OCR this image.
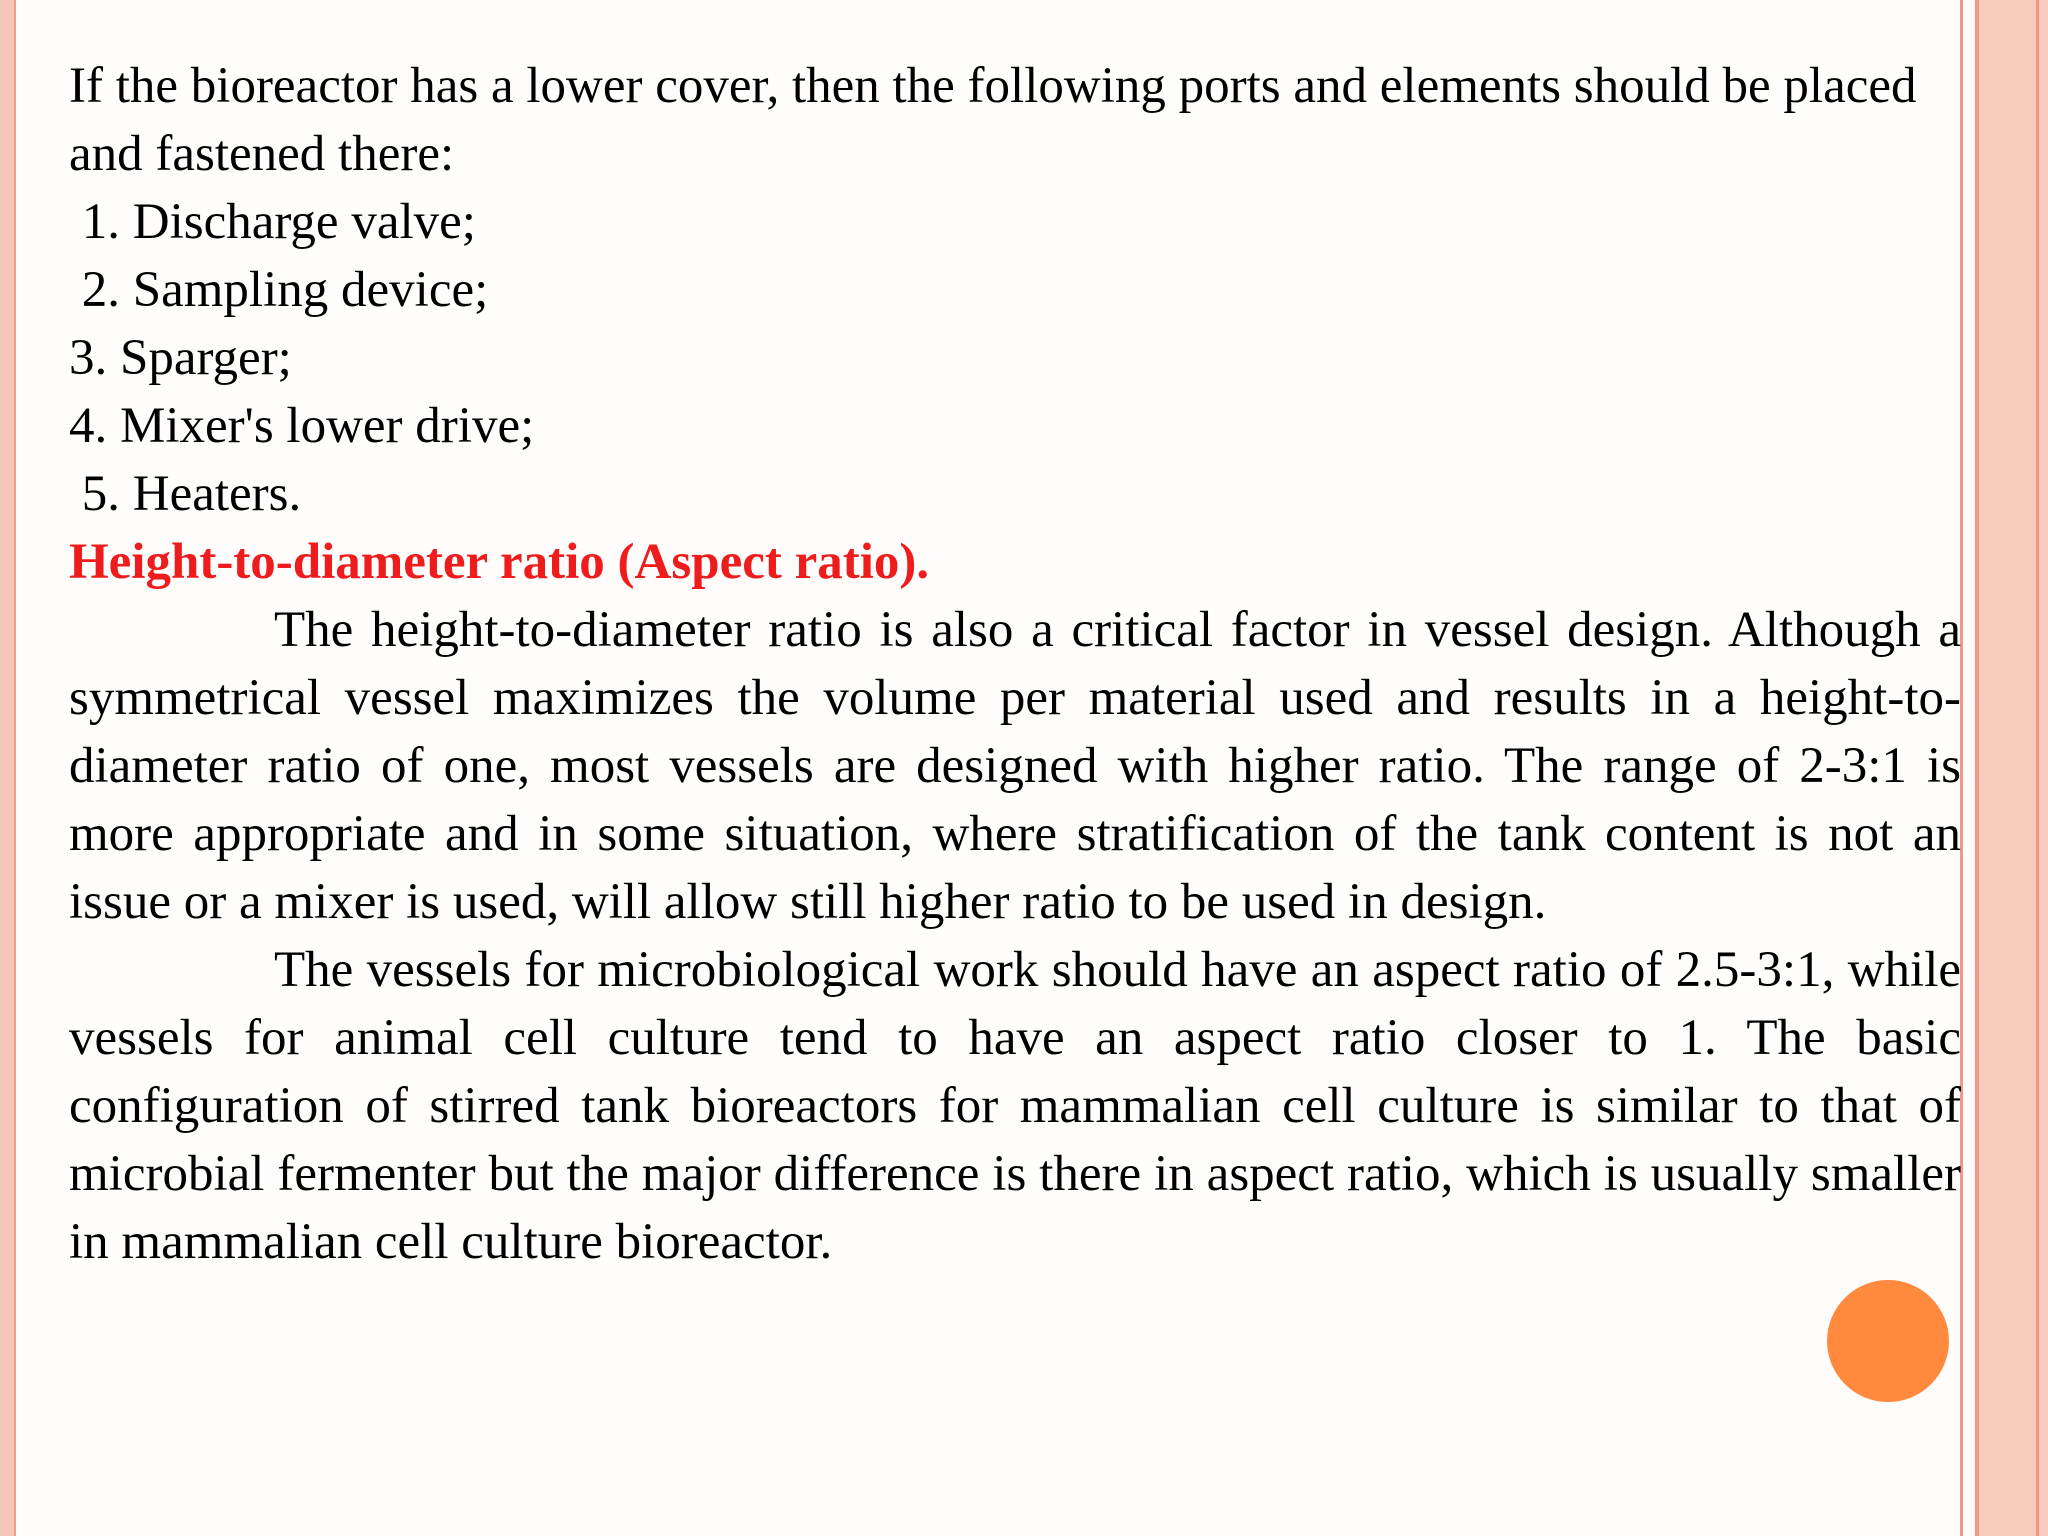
If the bioreactor has a lower cover, then the following ports and elements should be placed and fastened there:

1. Discharge valve;

2. Sampling device;

3. Sparger;

4. Mixer's lower drive;

5. Heaters.

Height-to-diameter ratio (Aspect ratio).

The height-to-diameter ratio is also a critical factor in vessel design. Although a symmetrical vessel maximizes the volume per material used and results in a height-to-diameter ratio of one, most vessels are designed with higher ratio. The range of 2-3:1 is more appropriate and in some situation, where stratification of the tank content is not an issue or a mixer is used, will allow still higher ratio to be used in design.

The vessels for microbiological work should have an aspect ratio of 2.5-3:1, while vessels for animal cell culture tend to have an aspect ratio closer to 1. The basic configuration of stirred tank bioreactors for mammalian cell culture is similar to that of microbial fermenter but the major difference is there in aspect ratio, which is usually smaller in mammalian cell culture bioreactor.
